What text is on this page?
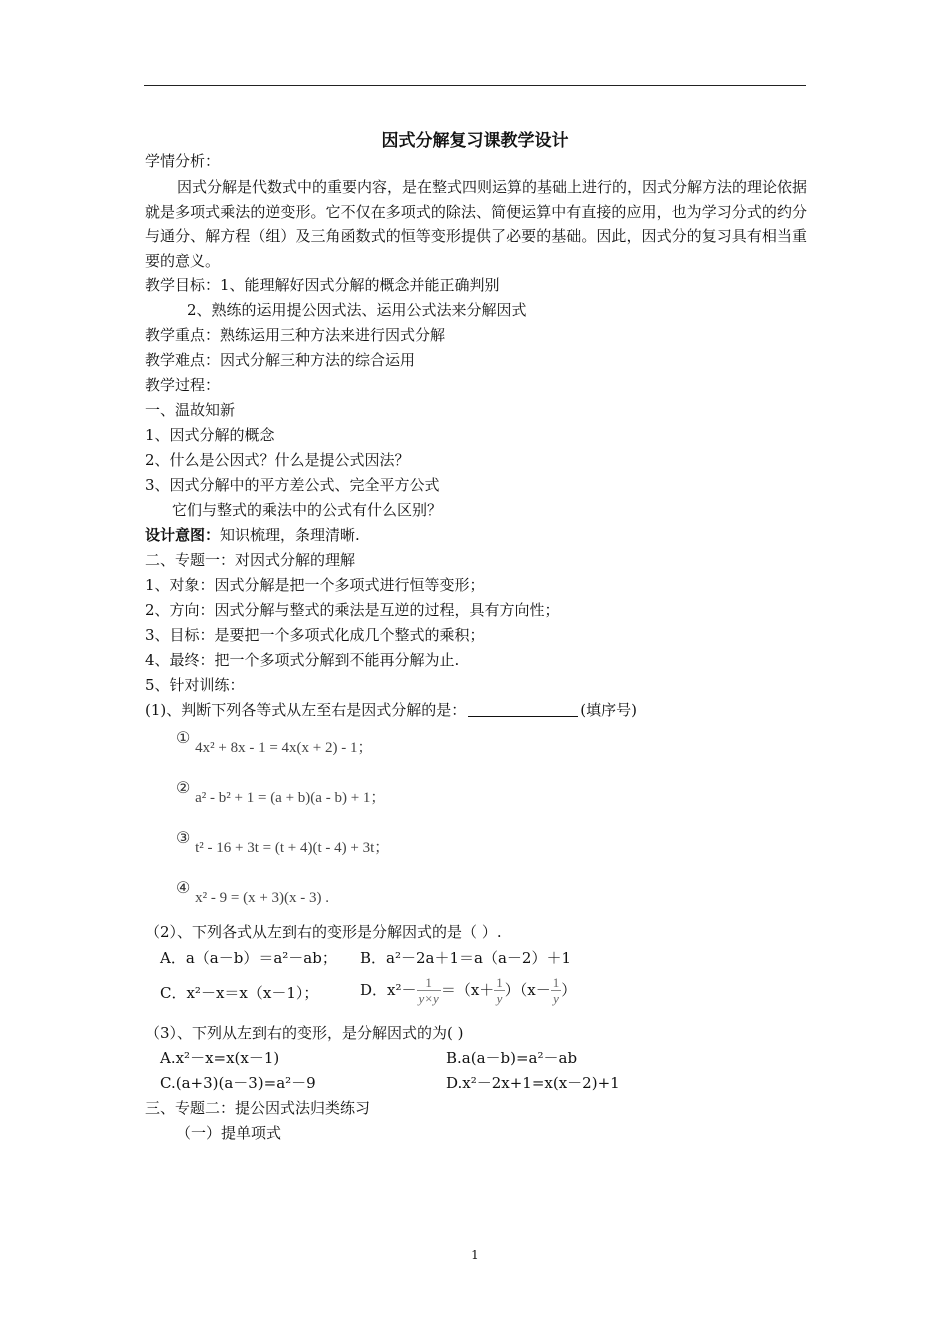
因式分解复习课教学设计
学情分析：

因式分解是代数式中的重要内容，是在整式四则运算的基础上进行的，因式分解方法的理论依据就是多项式乘法的逆变形。它不仅在多项式的除法、简便运算中有直接的应用，也为学习分式的约分与通分、解方程（组）及三角函数式的恒等变形提供了必要的基础。因此，因式分的复习具有相当重要的意义。

教学目标：1、能理解好因式分解的概念并能正确判别
2、熟练的运用提公因式法、运用公式法来分解因式
教学重点：熟练运用三种方法来进行因式分解
教学难点：因式分解三种方法的综合运用
教学过程：
一、温故知新
1、因式分解的概念
2、什么是公因式？什么是提公式因法？
3、因式分解中的平方差公式、完全平方公式
它们与整式的乘法中的公式有什么区别？
设计意图：知识梳理，条理清晰.
二、专题一：对因式分解的理解
1、对象：因式分解是把一个多项式进行恒等变形；
2、方向：因式分解与整式的乘法是互逆的过程，具有方向性；
3、目标：是要把一个多项式化成几个整式的乘积；
4、最终：把一个多项式分解到不能再分解为止.
5、针对训练：
(1)、判断下列各等式从左至右是因式分解的是：	(填序号)
① 4x² + 8x - 1 = 4x(x + 2) - 1；
② a² - b² + 1 = (a + b)(a - b) + 1；
③ t² - 16 + 3t = (t + 4)(t - 4) + 3t；
④ x² - 9 = (x + 3)(x - 3) .
（2）、下列各式从左到右的变形是分解因式的是（ ）.
A．a（a－b）＝a²－ab； B．a²－2a＋1＝a（a－2）＋1
C．x²－x＝x（x－1）；	D．$x^2- \frac{1}{y\times y} =(x+ \frac{1}{y} )(x- \frac{1}{y}$ ）
（3）、下列从左到右的变形，是分解因式的为( )
A.x²－x=x(x－1)	B.a(a－b)=a²－ab
C.(a+3)(a－3)=a²－9	D.x²－2x+1=x(x－2)+1
三、专题二：提公因式法归类练习
（一）提单项式
1
